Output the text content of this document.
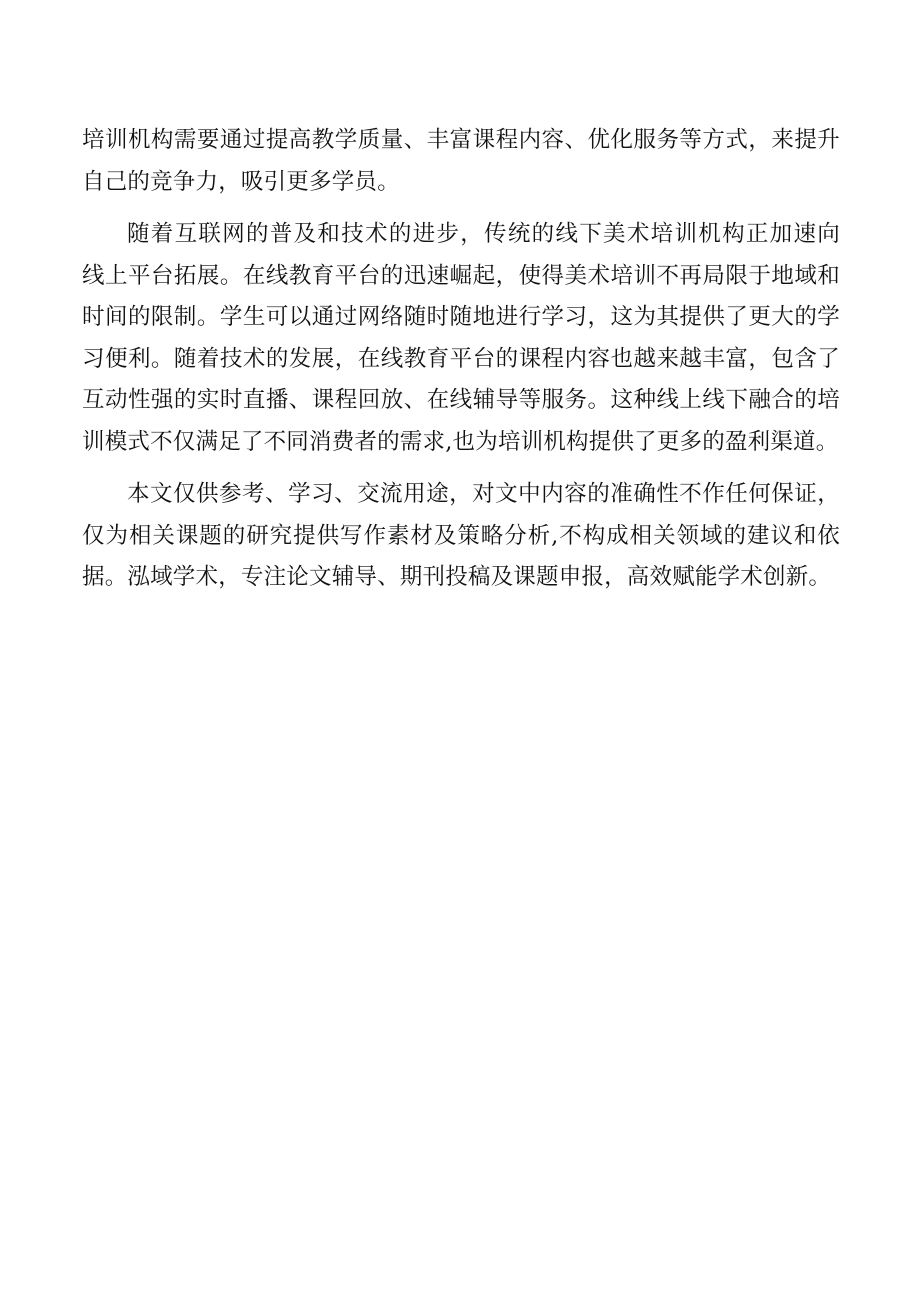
培训机构需要通过提高教学质量、丰富课程内容、优化服务等方式，来提升
自己的竞争力，吸引更多学员。

随着互联网的普及和技术的进步，传统的线下美术培训机构正加速向
线上平台拓展。在线教育平台的迅速崛起，使得美术培训不再局限于地域和
时间的限制。学生可以通过网络随时随地进行学习，这为其提供了更大的学
习便利。随着技术的发展，在线教育平台的课程内容也越来越丰富，包含了
互动性强的实时直播、课程回放、在线辅导等服务。这种线上线下融合的培
训模式不仅满足了不同消费者的需求,也为培训机构提供了更多的盈利渠道。

本文仅供参考、学习、交流用途，对文中内容的准确性不作任何保证，
仅为相关课题的研究提供写作素材及策略分析,不构成相关领域的建议和依
据。泓域学术，专注论文辅导、期刊投稿及课题申报，高效赋能学术创新。
